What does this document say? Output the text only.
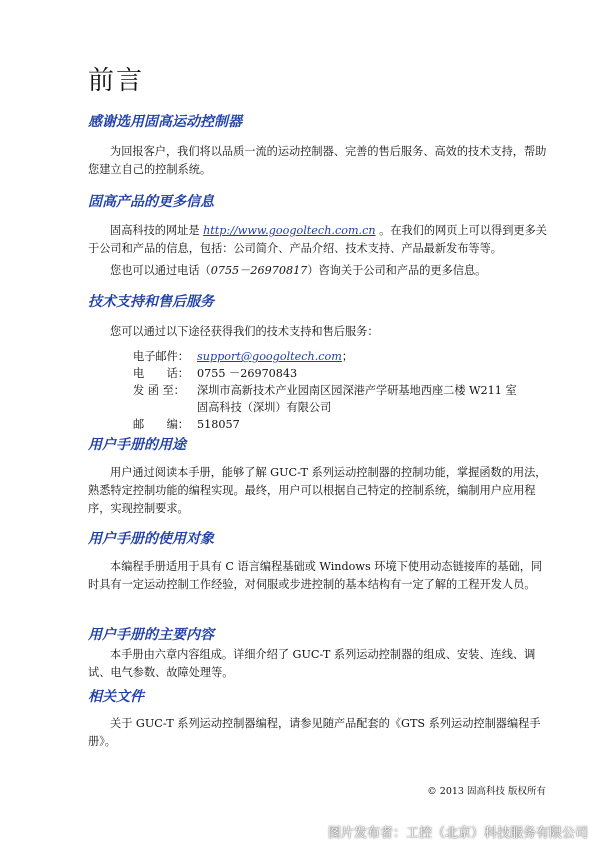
前言
感谢选用固高运动控制器

为回报客户，我们将以品质一流的运动控制器、完善的售后服务、高效的技术支持，帮助您建立自己的控制系统。

固高产品的更多信息

固高科技的网址是 http://www.googoltech.com.cn 。在我们的网页上可以得到更多关于公司和产品的信息，包括：公司简介、产品介绍、技术支持、产品最新发布等等。

您也可以通过电话（0755－26970817）咨询关于公司和产品的更多信息。

技术支持和售后服务

您可以通过以下途径获得我们的技术支持和售后服务：

电子邮件： support@googoltech.com；
电　　话： 0755 －26970843
发 函 至：	深圳市高新技术产业园南区园深港产学研基地西座二楼 W211 室
固高科技（深圳）有限公司
邮　　编： 518057
用户手册的用途

用户通过阅读本手册，能够了解 GUC-T 系列运动控制器的控制功能，掌握函数的用法，熟悉特定控制功能的编程实现。最终，用户可以根据自己特定的控制系统，编制用户应用程序，实现控制要求。

用户手册的使用对象

本编程手册适用于具有 C 语言编程基础或 Windows 环境下使用动态链接库的基础，同时具有一定运动控制工作经验，对伺服或步进控制的基本结构有一定了解的工程开发人员。

用户手册的主要内容

本手册由六章内容组成。详细介绍了 GUC-T 系列运动控制器的组成、安装、连线、调试、电气参数、故障处理等。

相关文件

关于 GUC-T 系列运动控制器编程，请参见随产品配套的《GTS 系列运动控制器编程手册》。

© 2013 固高科技 版权所有
图片发布者：工控（北京）科技服务有限公司
